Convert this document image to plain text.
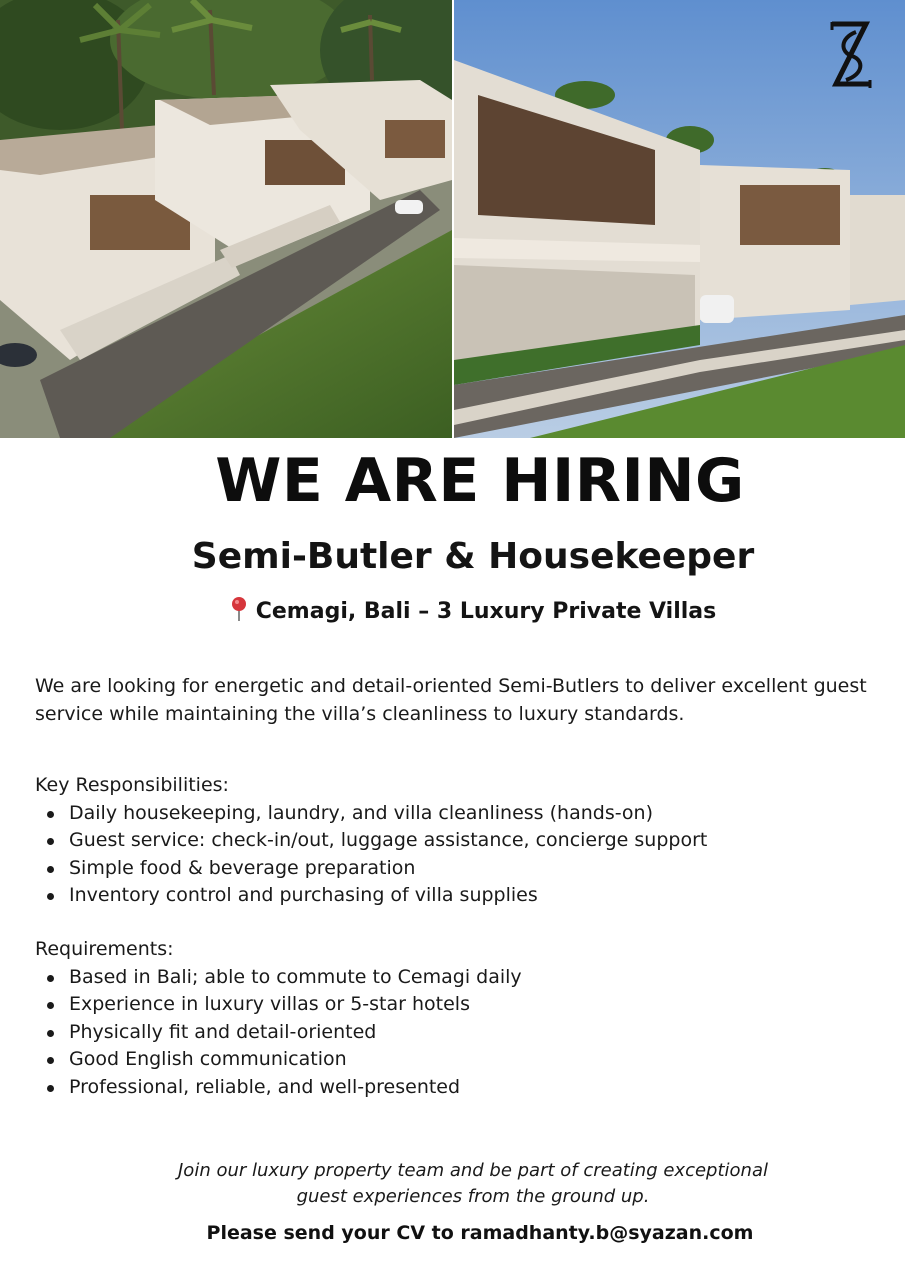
WE ARE HIRING
Semi-Butler & Housekeeper
Cemagi, Bali – 3 Luxury Private Villas

We are looking for energetic and detail-oriented Semi-Butlers to deliver excellent guest service while maintaining the villa’s cleanliness to luxury standards.

Key Responsibilities:
Daily housekeeping, laundry, and villa cleanliness (hands-on)
Guest service: check-in/out, luggage assistance, concierge support
Simple food & beverage preparation
Inventory control and purchasing of villa supplies
Requirements:
Based in Bali; able to commute to Cemagi daily
Experience in luxury villas or 5-star hotels
Physically fit and detail-oriented
Good English communication
Professional, reliable, and well-presented
Join our luxury property team and be part of creating exceptional
guest experiences from the ground up.
Please send your CV to ramadhanty.b@syazan.com
